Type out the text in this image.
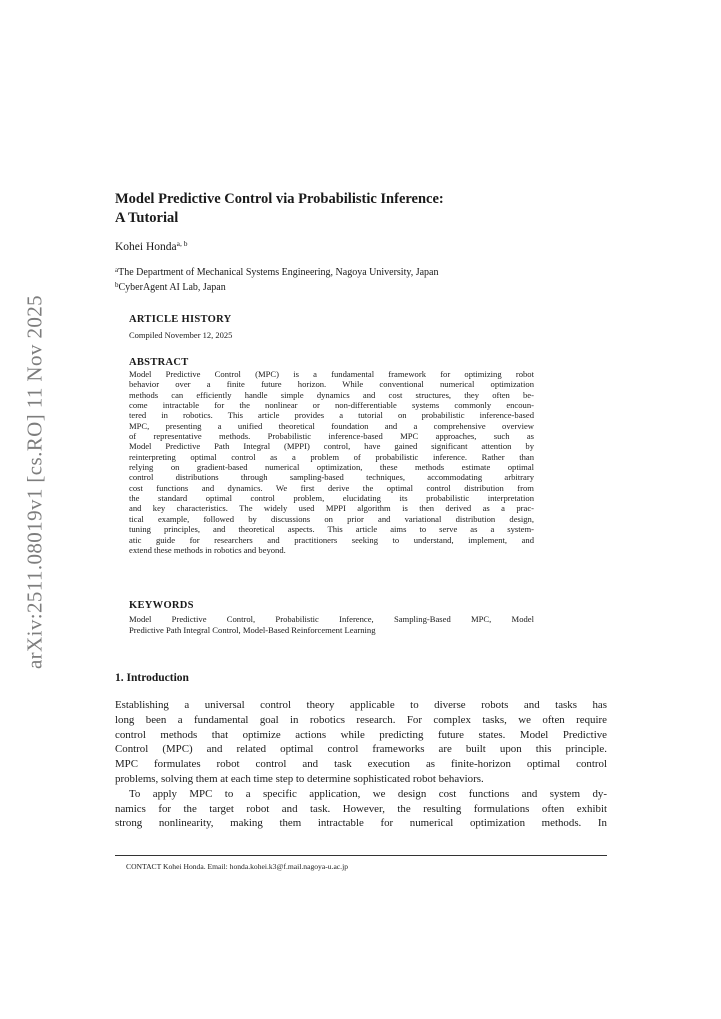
arXiv:2511.08019v1 [cs.RO] 11 Nov 2025
Model Predictive Control via Probabilistic Inference:
A Tutorial
Kohei Honda$^{a, b}$
$^a$The Department of Mechanical Systems Engineering, Nagoya University, Japan
$^b$CyberAgent AI Lab, Japan
ARTICLE HISTORY
Compiled November 12, 2025
ABSTRACT
Model Predictive Control (MPC) is a fundamental framework for optimizing robot
behavior over a finite future horizon. While conventional numerical optimization
methods can efficiently handle simple dynamics and cost structures, they often be-
come intractable for the nonlinear or non-differentiable systems commonly encoun-
tered in robotics. This article provides a tutorial on probabilistic inference-based
MPC, presenting a unified theoretical foundation and a comprehensive overview
of representative methods. Probabilistic inference-based MPC approaches, such as
Model Predictive Path Integral (MPPI) control, have gained significant attention by
reinterpreting optimal control as a problem of probabilistic inference. Rather than
relying on gradient-based numerical optimization, these methods estimate optimal
control distributions through sampling-based techniques, accommodating arbitrary
cost functions and dynamics. We first derive the optimal control distribution from
the standard optimal control problem, elucidating its probabilistic interpretation
and key characteristics. The widely used MPPI algorithm is then derived as a prac-
tical example, followed by discussions on prior and variational distribution design,
tuning principles, and theoretical aspects. This article aims to serve as a system-
atic guide for researchers and practitioners seeking to understand, implement, and
extend these methods in robotics and beyond.
KEYWORDS
Model Predictive Control, Probabilistic Inference, Sampling-Based MPC, Model
Predictive Path Integral Control, Model-Based Reinforcement Learning
1. Introduction
Establishing a universal control theory applicable to diverse robots and tasks has
long been a fundamental goal in robotics research. For complex tasks, we often require
control methods that optimize actions while predicting future states. Model Predictive
Control (MPC) and related optimal control frameworks are built upon this principle.
MPC formulates robot control and task execution as finite-horizon optimal control
problems, solving them at each time step to determine sophisticated robot behaviors.
To apply MPC to a specific application, we design cost functions and system dy-
namics for the target robot and task. However, the resulting formulations often exhibit
strong nonlinearity, making them intractable for numerical optimization methods. In
CONTACT Kohei Honda. Email: honda.kohei.k3@f.mail.nagoya-u.ac.jp
